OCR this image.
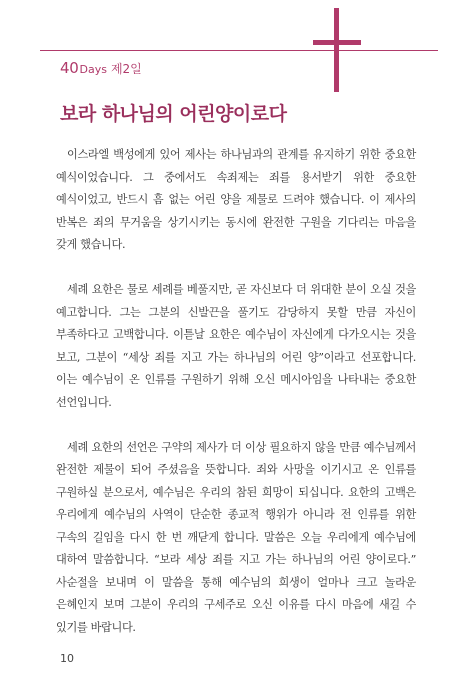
40Days 제2일
보라 하나님의 어린양이로다

이스라엘 백성에게 있어 제사는 하나님과의 관계를 유지하기 위한 중요한 예식이었습니다. 그 중에서도 속죄제는 죄를 용서받기 위한 중요한 예식이었고, 반드시 흠 없는 어린 양을 제물로 드려야 했습니다. 이 제사의 반복은 죄의 무거움을 상기시키는 동시에 완전한 구원을 기다리는 마음을 갖게 했습니다.

세례 요한은 물로 세례를 베풀지만, 곧 자신보다 더 위대한 분이 오실 것을 예고합니다. 그는 그분의 신발끈을 풀기도 감당하지 못할 만큼 자신이 부족하다고 고백합니다. 이튿날 요한은 예수님이 자신에게 다가오시는 것을 보고, 그분이 “세상 죄를 지고 가는 하나님의 어린 양”이라고 선포합니다. 이는 예수님이 온 인류를 구원하기 위해 오신 메시아임을 나타내는 중요한 선언입니다.

세례 요한의 선언은 구약의 제사가 더 이상 필요하지 않을 만큼 예수님께서 완전한 제물이 되어 주셨음을 뜻합니다. 죄와 사망을 이기시고 온 인류를 구원하실 분으로서, 예수님은 우리의 참된 희망이 되십니다. 요한의 고백은 우리에게 예수님의 사역이 단순한 종교적 행위가 아니라 전 인류를 위한 구속의 길임을 다시 한 번 깨닫게 합니다. 말씀은 오늘 우리에게 예수님에 대하여 말씀합니다. “보라 세상 죄를 지고 가는 하나님의 어린 양이로다.” 사순절을 보내며 이 말씀을 통해 예수님의 희생이 얼마나 크고 놀라운 은혜인지 보며 그분이 우리의 구세주로 오신 이유를 다시 마음에 새길 수 있기를 바랍니다.

10
